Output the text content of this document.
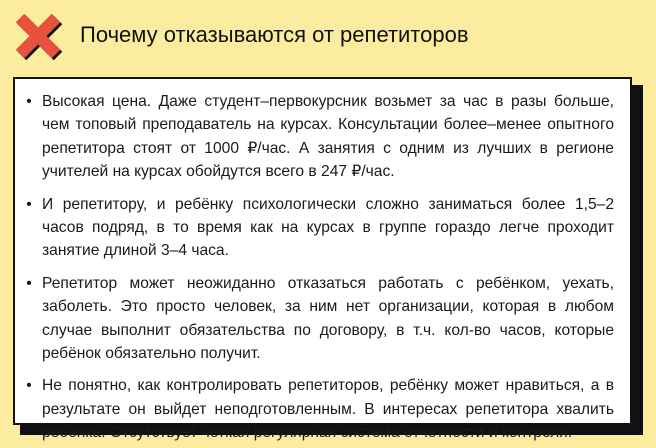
Почему отказываются от репетиторов
• Высокая цена. Даже студент–первокурсник возьмет за час в разы больше, чем топовый преподаватель на курсах. Консультации более–менее опытного репетитора стоят от 1000 ₽/час. А занятия с одним из лучших в регионе учителей на курсах обойдутся всего в 247 ₽/час.
• И репетитору, и ребёнку психологически сложно заниматься более 1,5–2 часов подряд, в то время как на курсах в группе гораздо легче проходит занятие длиной 3–4 часа.
• Репетитор может неожиданно отказаться работать с ребёнком, уехать, заболеть. Это просто человек, за ним нет организации, которая в любом случае выполнит обязательства по договору, в т.ч. кол-во часов, которые ребёнок обязательно получит.
• Не понятно, как контролировать репетиторов, ребёнку может нравиться, а в результате он выйдет неподготовленным. В интересах репетитора хвалить ребёнка. Отсутствует четкая регулярная система отчётности и контроля.
